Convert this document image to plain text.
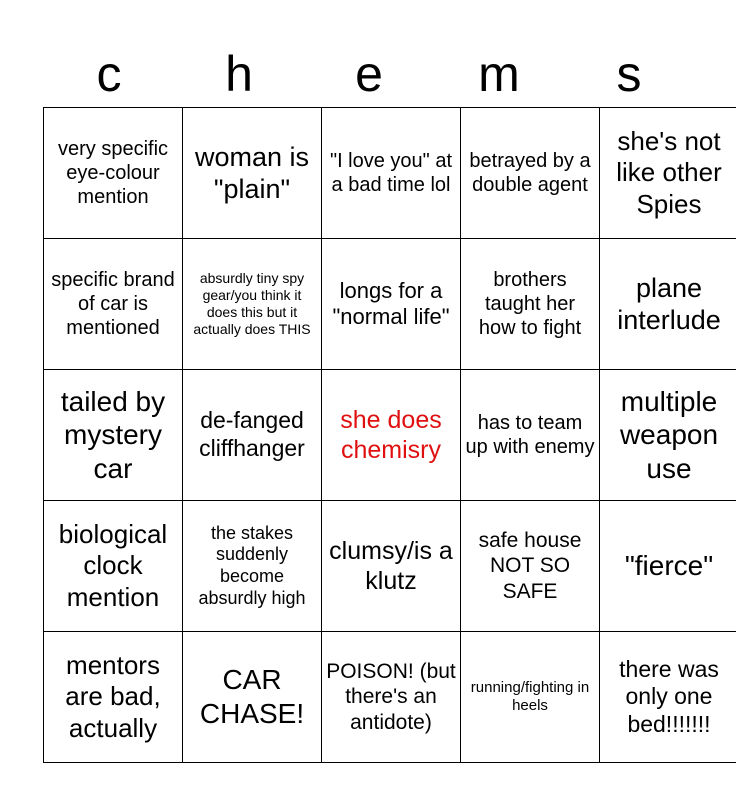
c	h	e	m	s
very specific eye-colour mention	woman is "plain"	"I love you" at a bad time lol	betrayed by a double agent	she's not like other Spies
specific brand of car is mentioned	absurdly tiny spy gear/you think it does this but it actually does THIS	longs for a "normal life"	brothers taught her how to fight	plane interlude
tailed by mystery car	de-fanged cliffhanger	she does chemisry	has to team up with enemy	multiple weapon use
biological clock mention	the stakes suddenly become absurdly high	clumsy/is a klutz	safe house NOT SO SAFE	"fierce"
mentors are bad, actually	CAR CHASE!	POISON! (but there's an antidote)	running/fighting in heels	there was only one bed!!!!!!!
